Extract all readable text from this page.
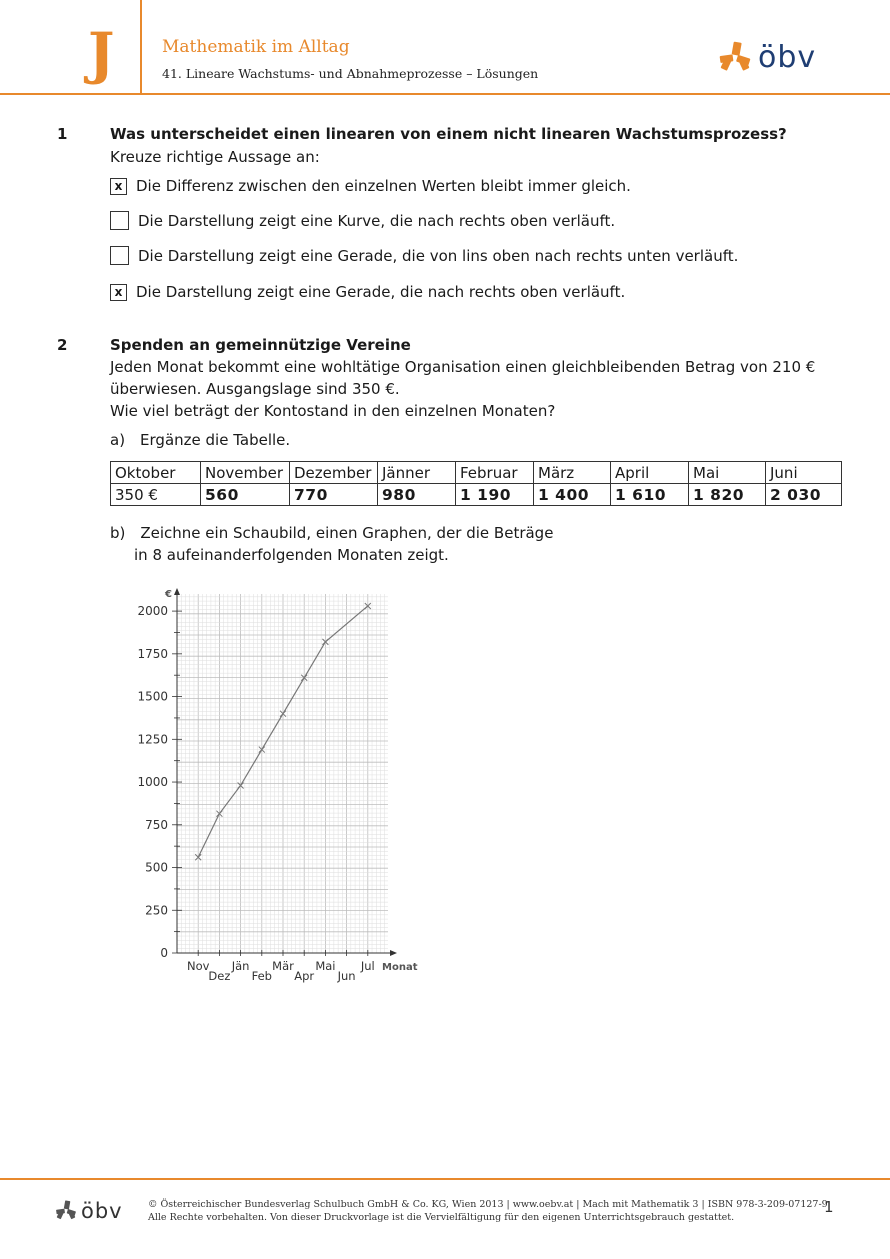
J	Mathematik im Alltag
41. Lineare Wachstums- und Abnahmeprozesse – Lösungen	öbv
1	Was unterscheidet einen linearen von einem nicht linearen Wachstumsprozess?
Kreuze richtige Aussage an:
x Die Differenz zwischen den einzelnen Werten bleibt immer gleich.
Die Darstellung zeigt eine Kurve, die nach rechts oben verläuft.
Die Darstellung zeigt eine Gerade, die von lins oben nach rechts unten verläuft.
x Die Darstellung zeigt eine Gerade, die nach rechts oben verläuft.
2	Spenden an gemeinnützige Vereine
Jeden Monat bekommt eine wohltätige Organisation einen gleichbleibenden Betrag von 210 €
überwiesen. Ausgangslage sind 350 €.
Wie viel beträgt der Kontostand in den einzelnen Monaten?
a) Ergänze die Tabelle.
Oktober	November	Dezember	Jänner	Februar	März	April	Mai	Juni
350 €	560	770	980	1 190	1 400	1 610	1 820	2 030
b) Zeichne ein Schaubild, einen Graphen, der die Beträge
in 8 aufeinanderfolgenden Monaten zeigt.
0
250
500
750
1000
1250
1500
1750
2000
Nov
Dez
Jän
Feb
Mär
Apr
Mai
Jun
Jul
€
Monat
öbv	© Österreichischer Bundesverlag Schulbuch GmbH & Co. KG, Wien 2013 | www.oebv.at | Mach mit Mathematik 3 | ISBN 978-3-209-07127-9
Alle Rechte vorbehalten. Von dieser Druckvorlage ist die Vervielfältigung für den eigenen Unterrichtsgebrauch gestattet.
1
